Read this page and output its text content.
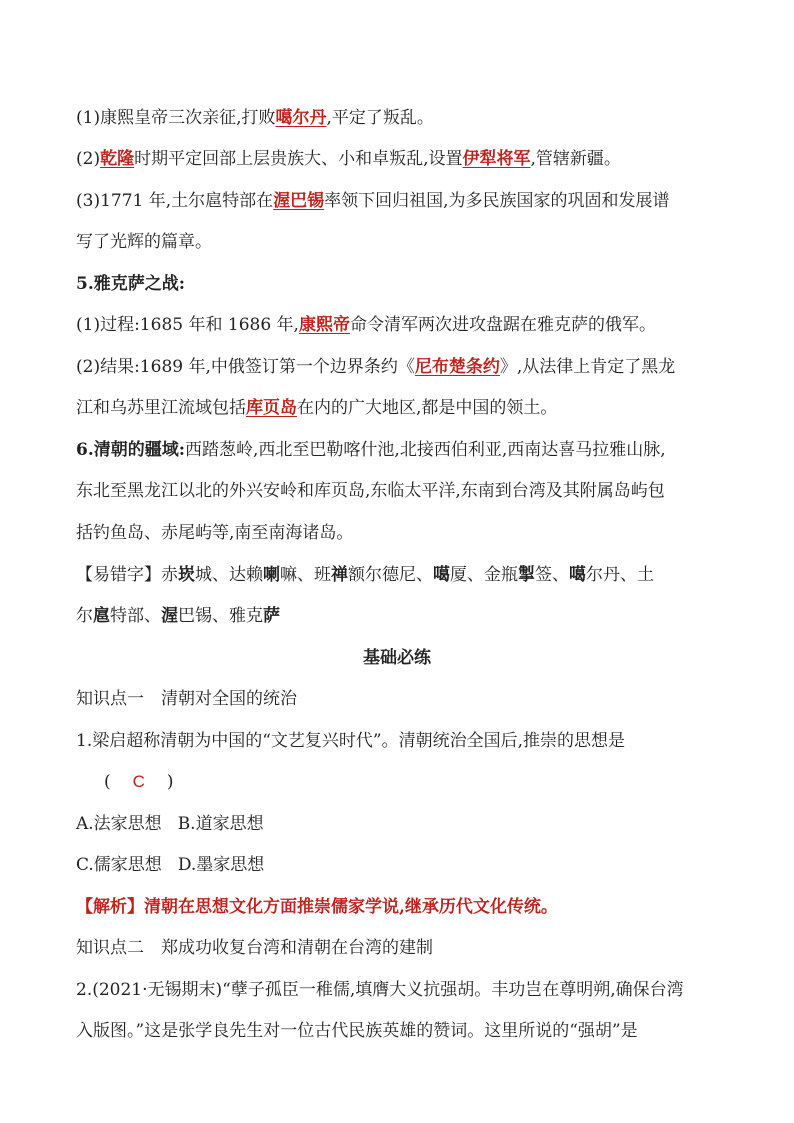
(1)康熙皇帝三次亲征,打败噶尔丹,平定了叛乱。
(2)乾隆时期平定回部上层贵族大、小和卓叛乱,设置伊犁将军,管辖新疆。
(3)1771 年,土尔扈特部在渥巴锡率领下回归祖国,为多民族国家的巩固和发展谱
写了光辉的篇章。
5.雅克萨之战:
(1)过程:1685 年和 1686 年,康熙帝命令清军两次进攻盘踞在雅克萨的俄军。
(2)结果:1689 年,中俄签订第一个边界条约《尼布楚条约》,从法律上肯定了黑龙
江和乌苏里江流域包括库页岛在内的广大地区,都是中国的领土。
6.清朝的疆域:西踏葱岭,西北至巴勒喀什池,北接西伯利亚,西南达喜马拉雅山脉,
东北至黑龙江以北的外兴安岭和库页岛,东临太平洋,东南到台湾及其附属岛屿包
括钓鱼岛、赤尾屿等,南至南海诸岛。
【易错字】赤崁城、达赖喇嘛、班禅额尔德尼、噶厦、金瓶掣签、噶尔丹、土
尔扈特部、渥巴锡、雅克萨
基础必练
知识点一　清朝对全国的统治
1.梁启超称清朝为中国的“文艺复兴时代”。清朝统治全国后,推崇的思想是
( C )
A.法家思想 B.道家思想
C.儒家思想 D.墨家思想
【解析】清朝在思想文化方面推崇儒家学说,继承历代文化传统。
知识点二　郑成功收复台湾和清朝在台湾的建制
2.(2021·无锡期末)“孽子孤臣一稚儒,填膺大义抗强胡。丰功岂在尊明朔,确保台湾
入版图。”这是张学良先生对一位古代民族英雄的赞词。这里所说的“强胡”是
